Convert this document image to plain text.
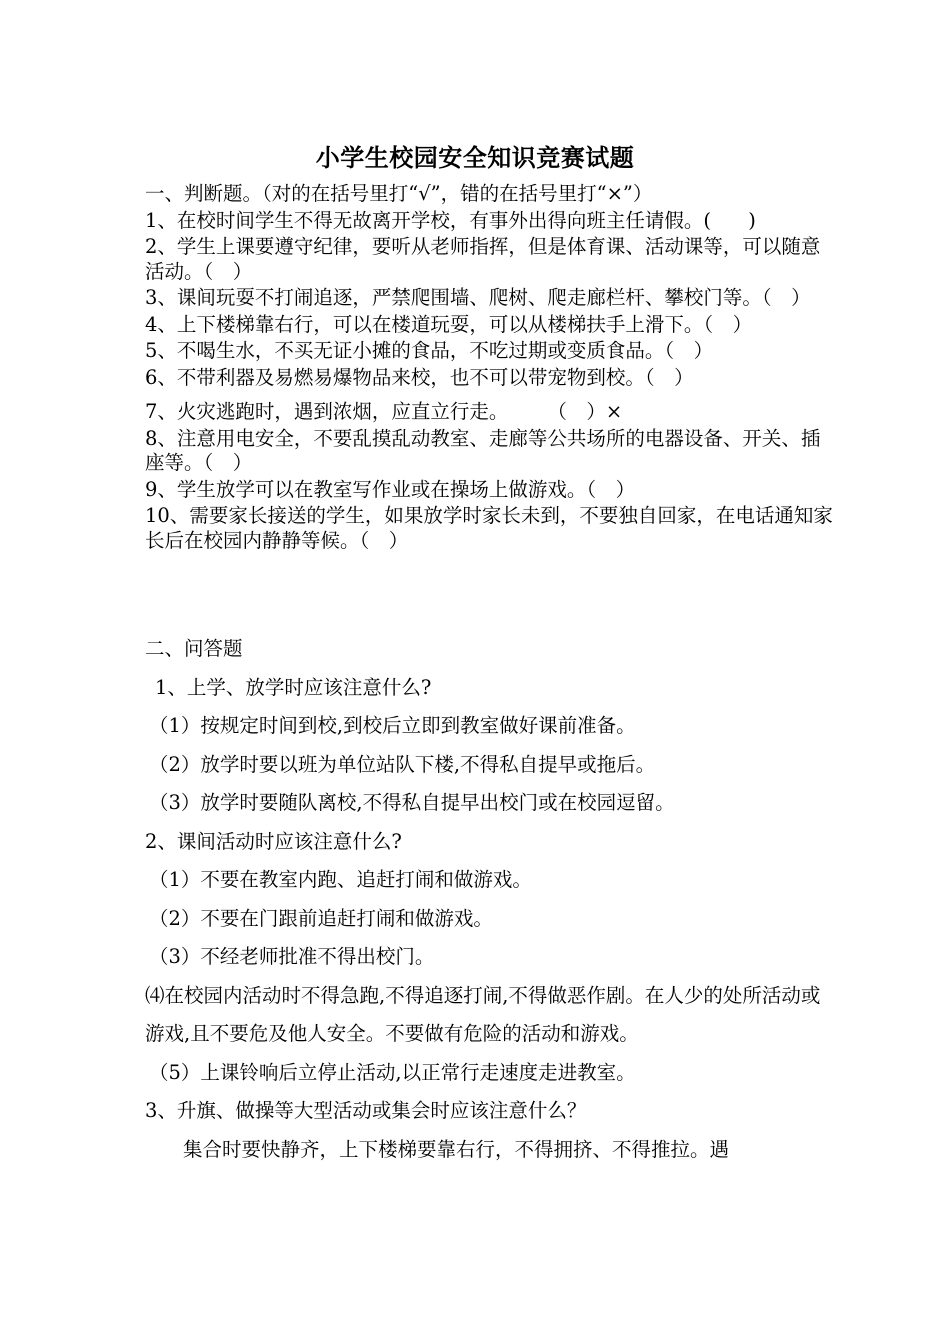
小学生校园安全知识竞赛试题
一、判断题。（对的在括号里打“√”，错的在括号里打“×”）
1、在校时间学生不得无故离开学校，有事外出得向班主任请假。(      )
2、学生上课要遵守纪律，要听从老师指挥，但是体育课、活动课等，可以随意活动。（　）
3、课间玩耍不打闹追逐，严禁爬围墙、爬树、爬走廊栏杆、攀校门等。（　）
4、上下楼梯靠右行，可以在楼道玩耍，可以从楼梯扶手上滑下。（　）
5、不喝生水，不买无证小摊的食品，不吃过期或变质食品。（　）
6、不带利器及易燃易爆物品来校，也不可以带宠物到校。（　）
7、火灾逃跑时，遇到浓烟，应直立行走。　　　（　）×
8、注意用电安全，不要乱摸乱动教室、走廊等公共场所的电器设备、开关、插座等。（　）
9、学生放学可以在教室写作业或在操场上做游戏。（　）
10、需要家长接送的学生，如果放学时家长未到，不要独自回家，在电话通知家长后在校园内静静等候。（　）
二、问答题
1、上学、放学时应该注意什么?
（1）按规定时间到校,到校后立即到教室做好课前准备。
（2）放学时要以班为单位站队下楼,不得私自提早或拖后。
（3）放学时要随队离校,不得私自提早出校门或在校园逗留。
2、课间活动时应该注意什么?
（1）不要在教室内跑、追赶打闹和做游戏。
（2）不要在门跟前追赶打闹和做游戏。
（3）不经老师批准不得出校门。
⑷在校园内活动时不得急跑,不得追逐打闹,不得做恶作剧。在人少的处所活动或游戏,且不要危及他人安全。不要做有危险的活动和游戏。
（5）上课铃响后立停止活动,以正常行走速度走进教室。
3、升旗、做操等大型活动或集会时应该注意什么？
集合时要快静齐，上下楼梯要靠右行，不得拥挤、不得推拉。遇
